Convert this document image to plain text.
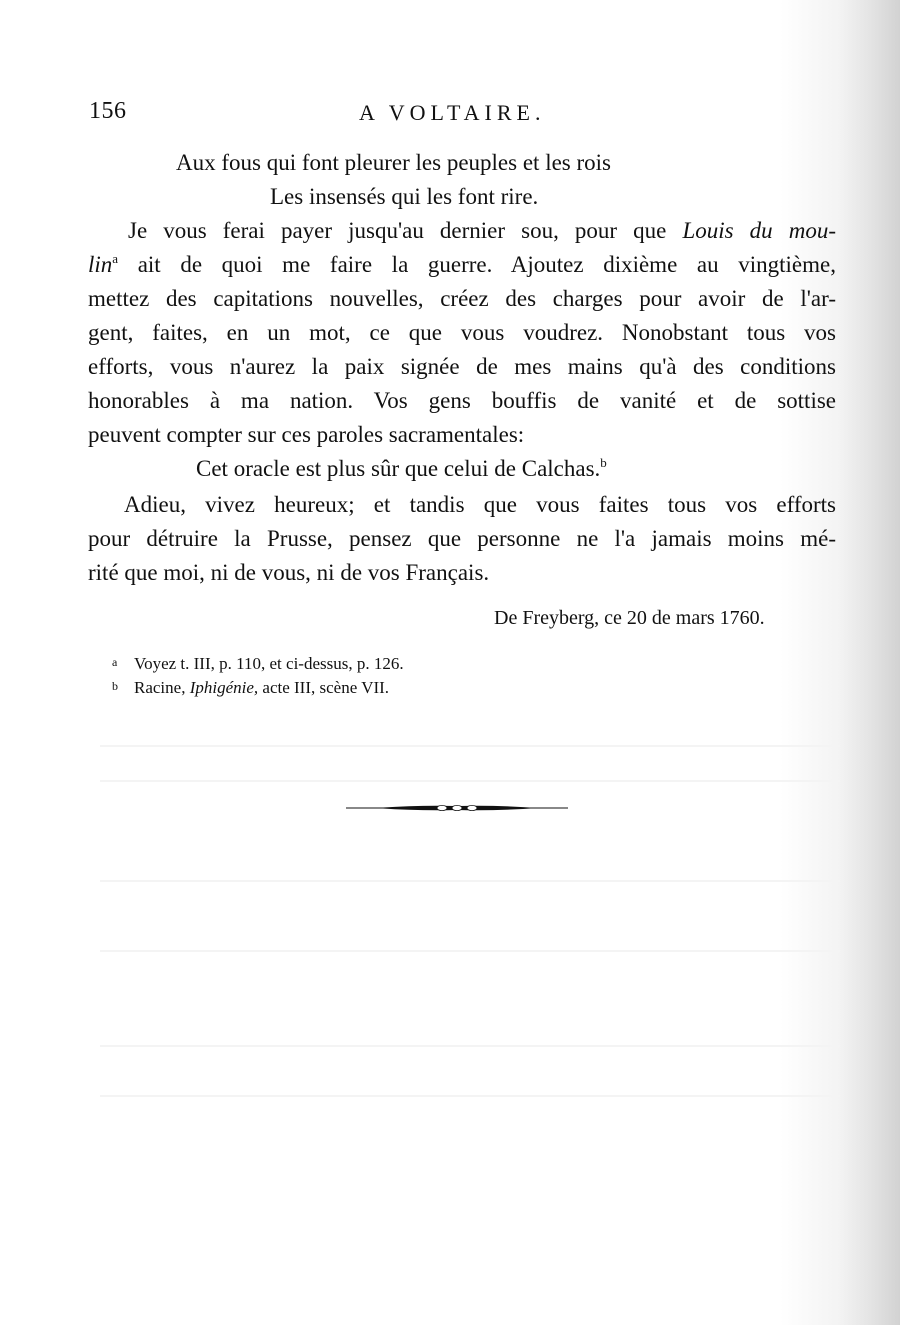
156	A VOLTAIRE.
Aux fous qui font pleurer les peuples et les rois
Les insensés qui les font rire.
Je vous ferai payer jusqu'au dernier sou, pour que Louis du mou-
lin$^a$ ait de quoi me faire la guerre. Ajoutez dixième au vingtième,
mettez des capitations nouvelles, créez des charges pour avoir de l'ar-
gent, faites, en un mot, ce que vous voudrez. Nonobstant tous vos
efforts, vous n'aurez la paix signée de mes mains qu'à des conditions
honorables à ma nation. Vos gens bouffis de vanité et de sottise
peuvent compter sur ces paroles sacramentales:
Cet oracle est plus sûr que celui de Calchas.$^b$
Adieu, vivez heureux; et tandis que vous faites tous vos efforts
pour détruire la Prusse, pensez que personne ne l'a jamais moins mé-
rité que moi, ni de vous, ni de vos Français.
De Freyberg, ce 20 de mars 1760.
a Voyez t. III, p. 110, et ci-dessus, p. 126.
b Racine, Iphigénie, acte III, scène VII.
